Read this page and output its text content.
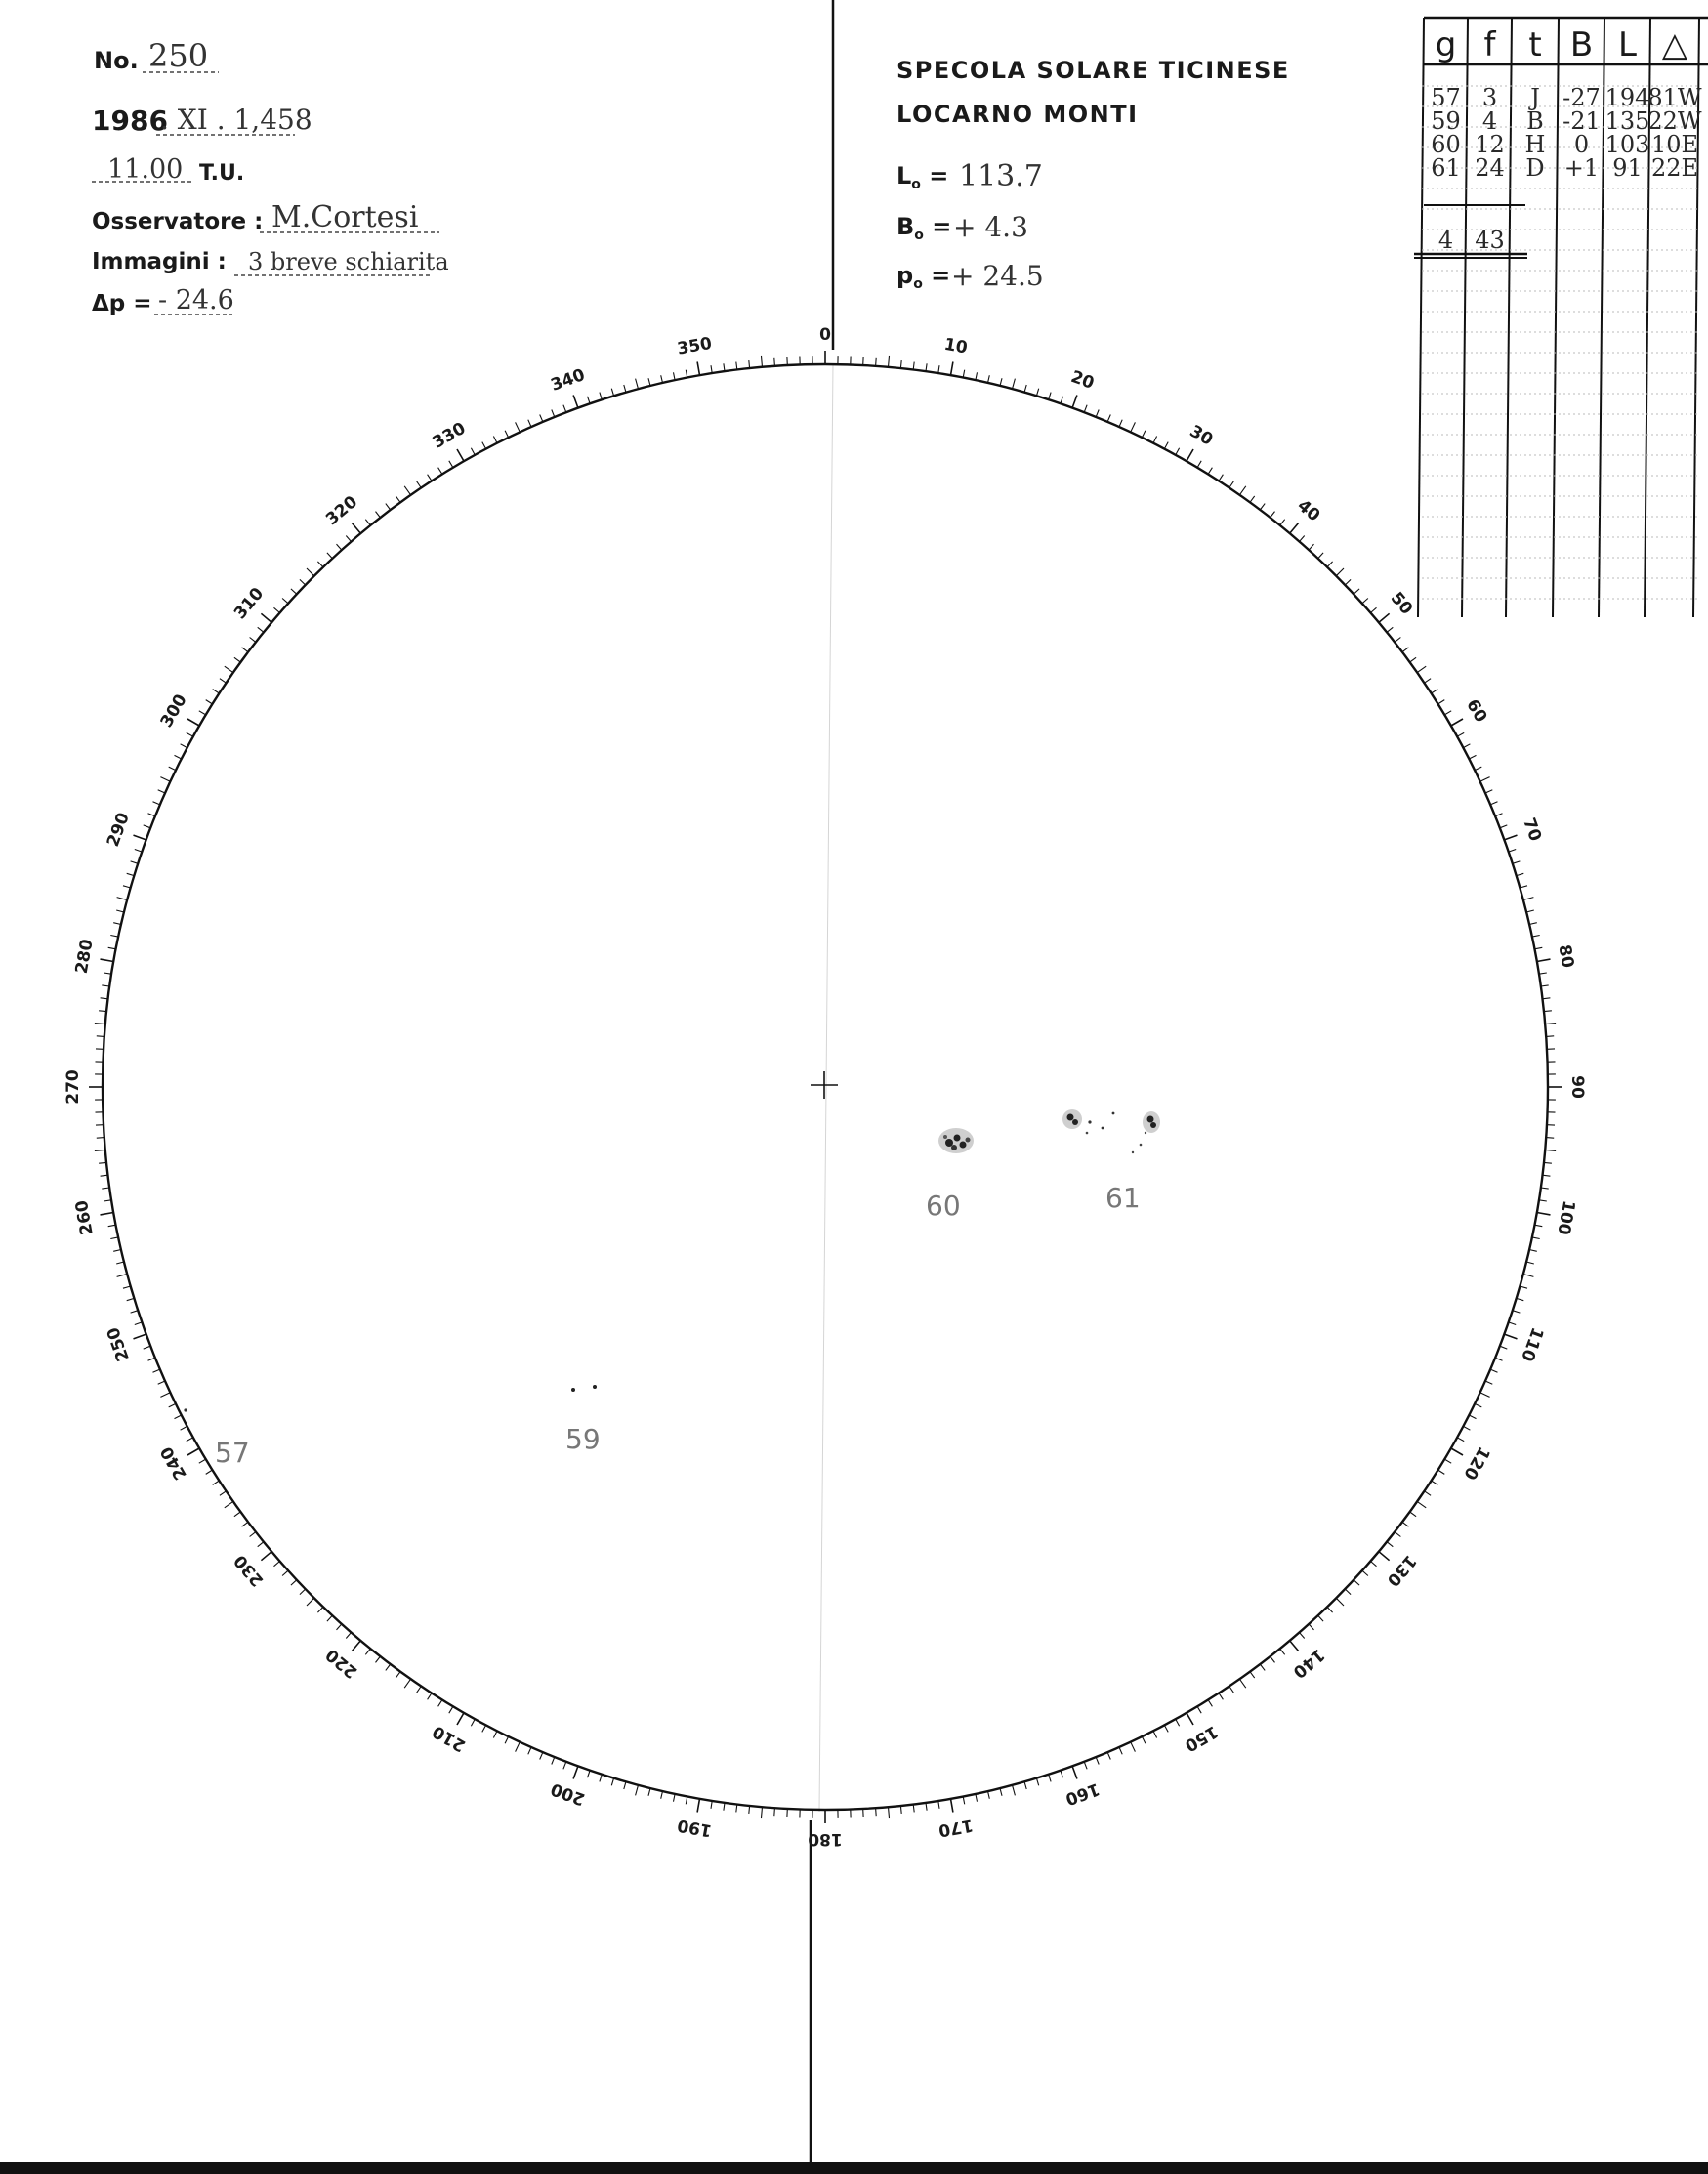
No. 250
1986
. XI . 1,458
11.00 T.U.
Osservatore : M.Cortesi
Immagini : 3 breve schiarita
Δp = - 24.6
SPECOLA SOLARE TICINESE
LOCARNO MONTI
$L_o = 113.7$
$B_o$ = + 4.3
$p_o$ = + 24.5
g f t B L △
57 3 J -27 194
81W
59 4 B -21 135
22W
60 12 H 0 103 10E
61 24 D +1 91 22E
4 43
0	10
20
30
40
50
60
70
80
90
100
110
120
130
140
150
160
170
180
190
200
210
220
230
240
250
260
270
280
290
300
310
320
330
340
350
60	61
59
57
